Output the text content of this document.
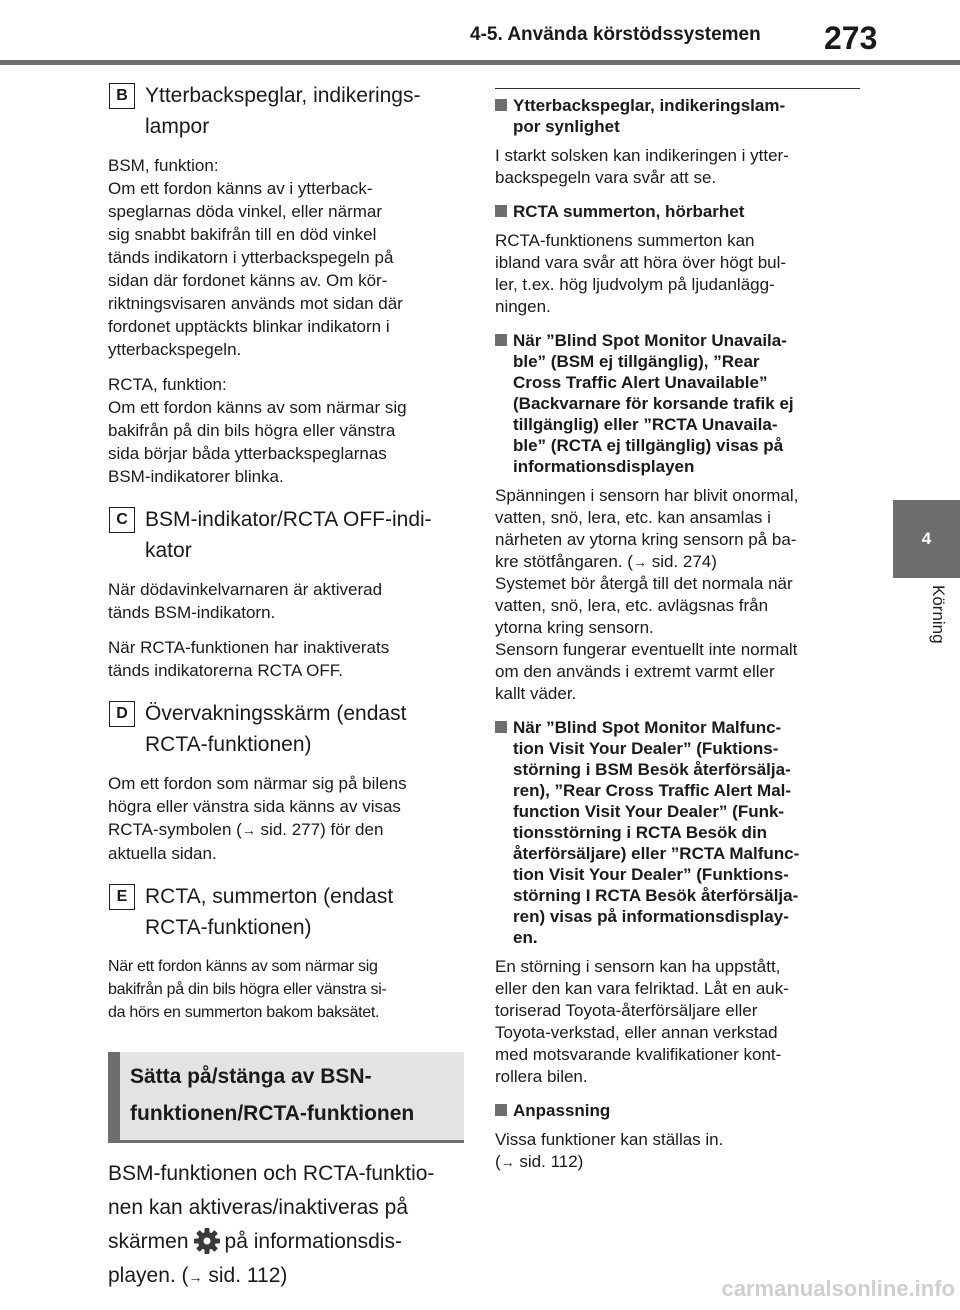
4-5. Använda körstödssystemen 273
4
Körning
B Ytterbackspeglar, indikerings-
lampor
BSM, funktion:
Om ett fordon känns av i ytterback-
speglarnas döda vinkel, eller närmar
sig snabbt bakifrån till en död vinkel
tänds indikatorn i ytterbackspegeln på
sidan där fordonet känns av. Om kör-
riktningsvisaren används mot sidan där
fordonet upptäckts blinkar indikatorn i
ytterbackspegeln.
RCTA, funktion:
Om ett fordon känns av som närmar sig
bakifrån på din bils högra eller vänstra
sida börjar båda ytterbackspeglarnas
BSM-indikatorer blinka.
C BSM-indikator/RCTA OFF-indi-
kator
När dödavinkelvarnaren är aktiverad
tänds BSM-indikatorn.
När RCTA-funktionen har inaktiverats
tänds indikatorerna RCTA OFF.
D Övervakningsskärm (endast
RCTA-funktionen)
Om ett fordon som närmar sig på bilens
högra eller vänstra sida känns av visas
RCTA-symbolen (→ sid. 277) för den
aktuella sidan.
E RCTA, summerton (endast
RCTA-funktionen)
När ett fordon känns av som närmar sig
bakifrån på din bils högra eller vänstra si-
da hörs en summerton bakom baksätet.
Sätta på/stänga av BSN-
funktionen/RCTA-funktionen
BSM-funktionen och RCTA-funktio-
nen kan aktiveras/inaktiveras på
skärmen på informationsdis-
playen. (→ sid. 112)
Ytterbackspeglar, indikeringslam-
por synlighet
I starkt solsken kan indikeringen i ytter-
backspegeln vara svår att se.
RCTA summerton, hörbarhet
RCTA-funktionens summerton kan
ibland vara svår att höra över högt bul-
ler, t.ex. hög ljudvolym på ljudanlägg-
ningen.
När ”Blind Spot Monitor Unavaila-
ble” (BSM ej tillgänglig), ”Rear
Cross Traffic Alert Unavailable”
(Backvarnare för korsande trafik ej
tillgänglig) eller ”RCTA Unavaila-
ble” (RCTA ej tillgänglig) visas på
informationsdisplayen
Spänningen i sensorn har blivit onormal,
vatten, snö, lera, etc. kan ansamlas i
närheten av ytorna kring sensorn på ba-
kre stötfångaren. (→ sid. 274)
Systemet bör återgå till det normala när
vatten, snö, lera, etc. avlägsnas från
ytorna kring sensorn.
Sensorn fungerar eventuellt inte normalt
om den används i extremt varmt eller
kallt väder.
När ”Blind Spot Monitor Malfunc-
tion Visit Your Dealer” (Fuktions-
störning i BSM Besök återförsälja-
ren), ”Rear Cross Traffic Alert Mal-
function Visit Your Dealer” (Funk-
tionsstörning i RCTA Besök din
återförsäljare) eller ”RCTA Malfunc-
tion Visit Your Dealer” (Funktions-
störning I RCTA Besök återförsälja-
ren) visas på informationsdisplay-
en.
En störning i sensorn kan ha uppstått,
eller den kan vara felriktad. Låt en auk-
toriserad Toyota-återförsäljare eller
Toyota-verkstad, eller annan verkstad
med motsvarande kvalifikationer kont-
rollera bilen.
Anpassning
Vissa funktioner kan ställas in.
(→ sid. 112)
carmanualsonline.info
